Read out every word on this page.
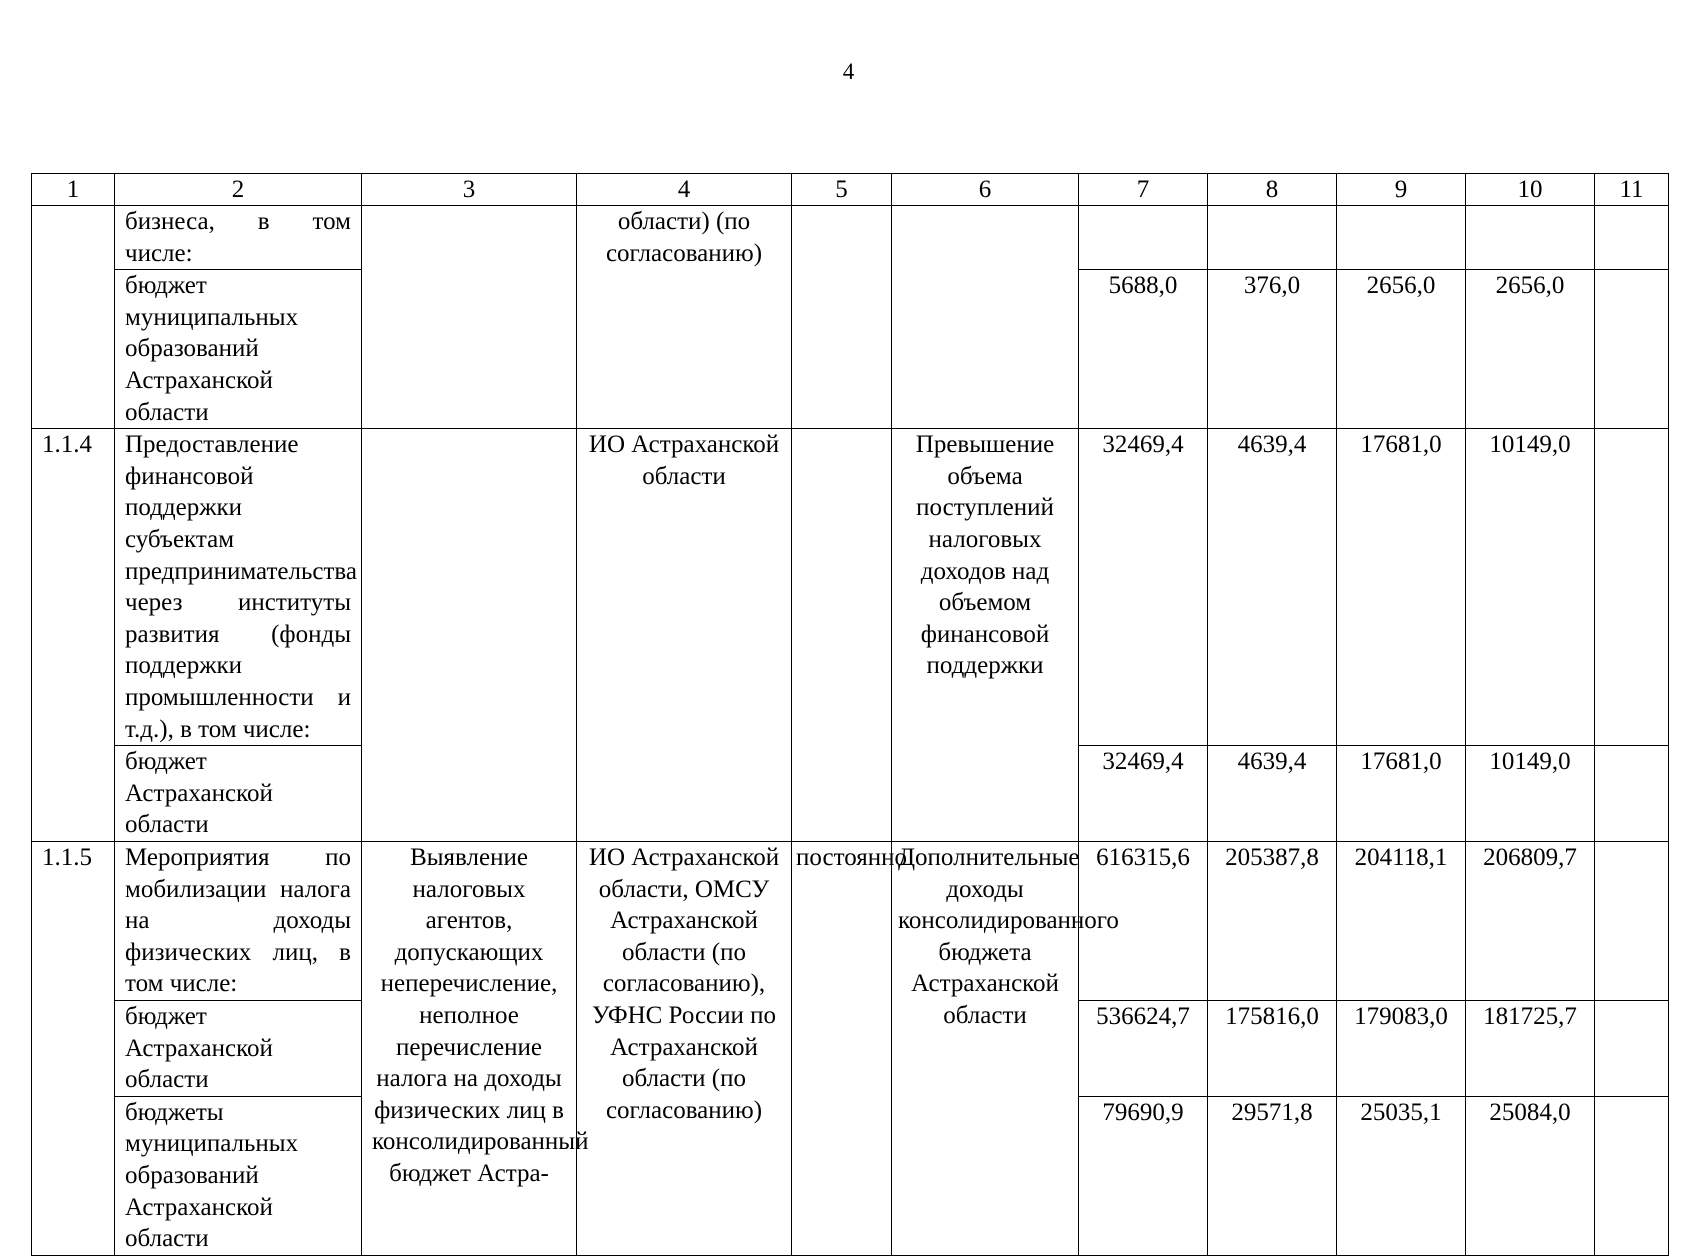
4
1	2	3	4	5	6	7	8	9	10	11
	бизнеса, в том числе:		области) (по согласованию)							
	бюджет муниципальных образований Астраханской области					5688,0	376,0	2656,0	2656,0	
1.1.4	Предоставление финансовой поддержки субъектам предпринимательства через институты развития (фонды поддержки промышленности и т.д.), в том числе:		ИО Астраханской области		Превышение объема поступлений налоговых доходов над объемом финансовой поддержки	32469,4	4639,4	17681,0	10149,0	
	бюджет Астраханской области					32469,4	4639,4	17681,0	10149,0	
1.1.5	Мероприятия по мобилизации налога на доходы физических лиц, в том числе:	Выявление налоговых агентов, допускающих неперечисление, неполное перечисление налога на доходы физических лиц в консолидированный бюджет Астра-	ИО Астраханской области, ОМСУ Астраханской области (по согласованию), УФНС России по Астраханской области (по согласованию)	постоянно	Дополнительные доходы консолидированного бюджета Астраханской области	616315,6	205387,8	204118,1	206809,7	
	бюджет Астраханской области					536624,7	175816,0	179083,0	181725,7	
	бюджеты муниципальных образований Астраханской области					79690,9	29571,8	25035,1	25084,0	
